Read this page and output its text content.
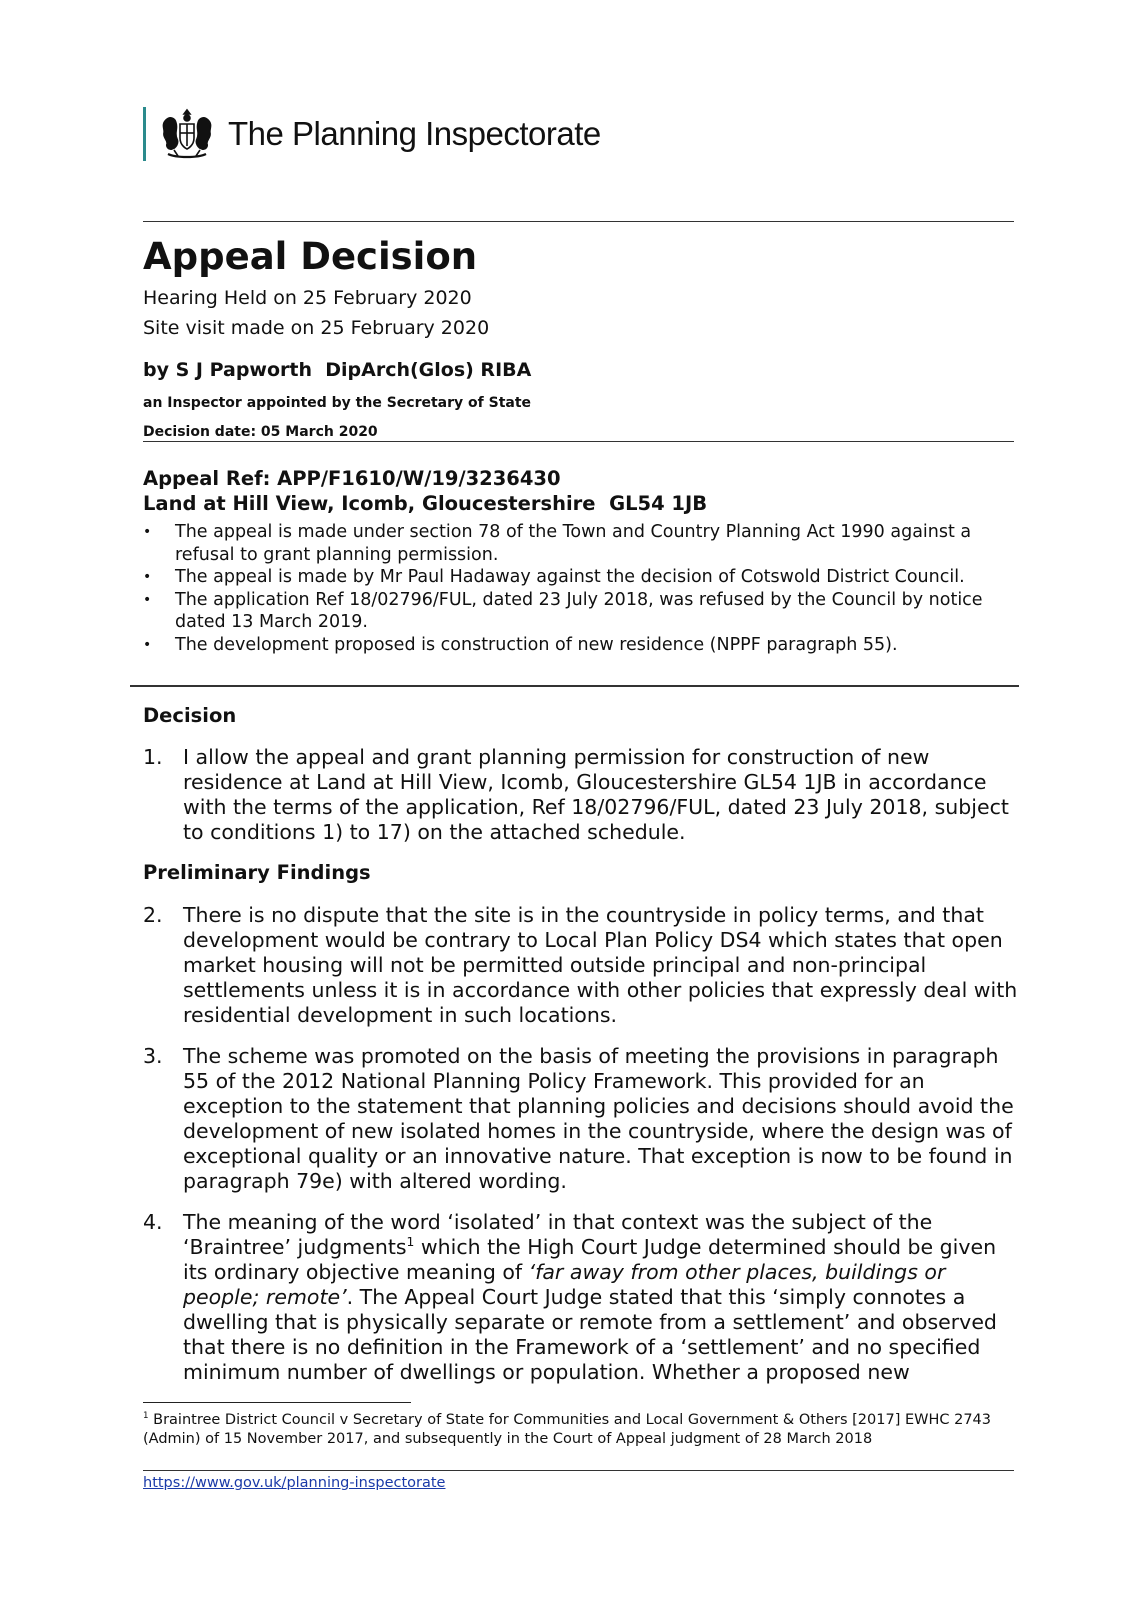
The Planning Inspectorate
Appeal Decision
Hearing Held on 25 February 2020
Site visit made on 25 February 2020
by S J Papworth  DipArch(Glos) RIBA
an Inspector appointed by the Secretary of State
Decision date: 05 March 2020
Appeal Ref: APP/F1610/W/19/3236430
Land at Hill View, Icomb, Gloucestershire  GL54 1JB
• The appeal is made under section 78 of the Town and Country Planning Act 1990 against a refusal to grant planning permission.
• The appeal is made by Mr Paul Hadaway against the decision of Cotswold District Council.
• The application Ref 18/02796/FUL, dated 23 July 2018, was refused by the Council by notice dated 13 March 2019.
• The development proposed is construction of new residence (NPPF paragraph 55).
Decision
1. I allow the appeal and grant planning permission for construction of new residence at Land at Hill View, Icomb, Gloucestershire GL54 1JB in accordance with the terms of the application, Ref 18/02796/FUL, dated 23 July 2018, subject to conditions 1) to 17) on the attached schedule.
Preliminary Findings
2. There is no dispute that the site is in the countryside in policy terms, and that development would be contrary to Local Plan Policy DS4 which states that open market housing will not be permitted outside principal and non-principal settlements unless it is in accordance with other policies that expressly deal with residential development in such locations.
3. The scheme was promoted on the basis of meeting the provisions in paragraph 55 of the 2012 National Planning Policy Framework. This provided for an exception to the statement that planning policies and decisions should avoid the development of new isolated homes in the countryside, where the design was of exceptional quality or an innovative nature. That exception is now to be found in paragraph 79e) with altered wording.
4. The meaning of the word ‘isolated’ in that context was the subject of the ‘Braintree’ judgments$^1$ which the High Court Judge determined should be given its ordinary objective meaning of ‘far away from other places, buildings or people; remote’. The Appeal Court Judge stated that this ‘simply connotes a dwelling that is physically separate or remote from a settlement’ and observed that there is no definition in the Framework of a ‘settlement’ and no specified minimum number of dwellings or population. Whether a proposed new
$^1$ Braintree District Council v Secretary of State for Communities and Local Government & Others [2017] EWHC 2743 (Admin) of 15 November 2017, and subsequently in the Court of Appeal judgment of 28 March 2018
https://www.gov.uk/planning-inspectorate
